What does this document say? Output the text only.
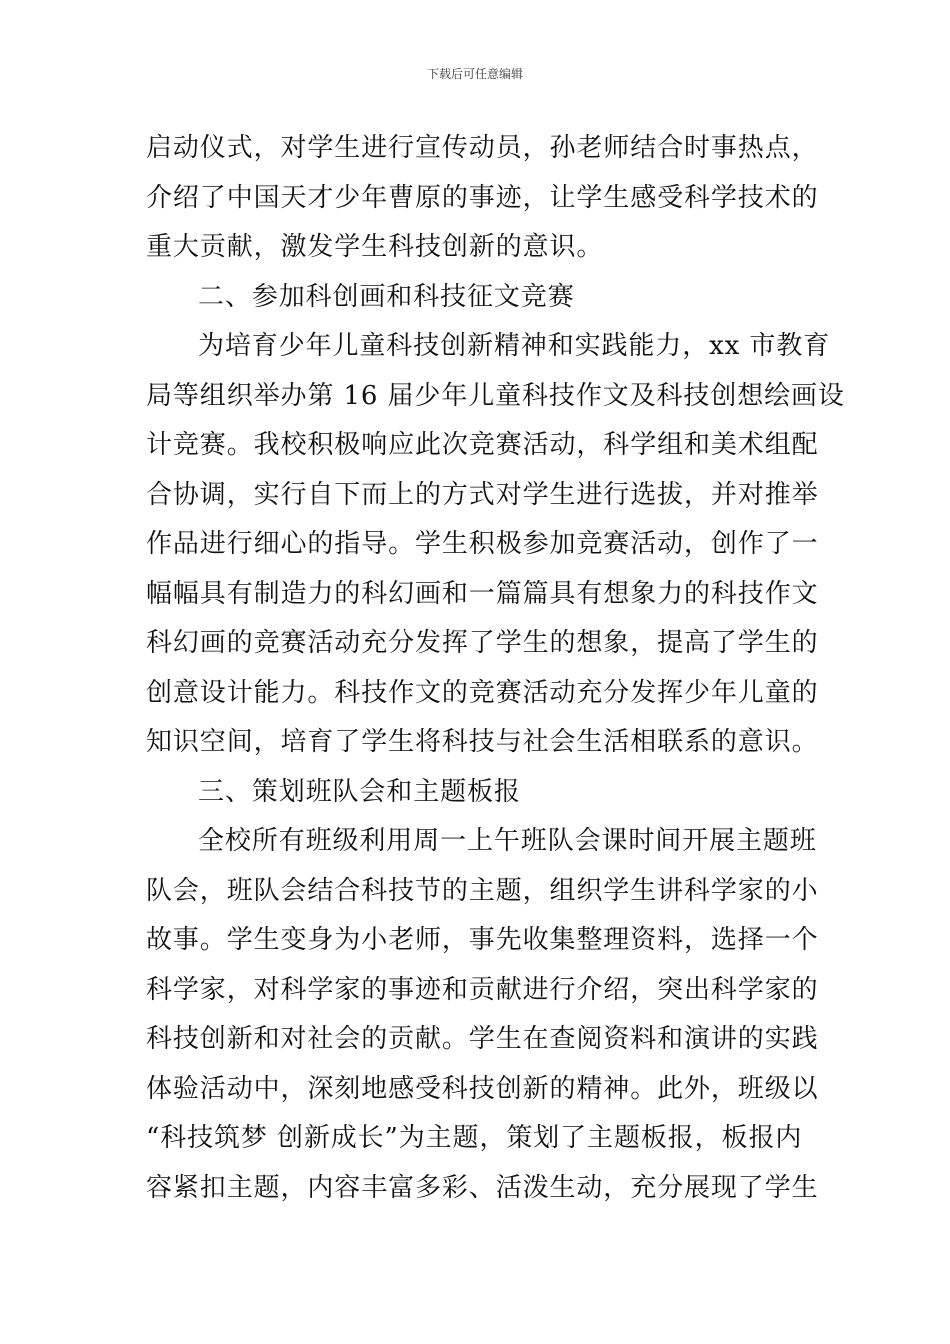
下载后可任意编辑
启动仪式，对学生进行宣传动员，孙老师结合时事热点，
介绍了中国天才少年曹原的事迹，让学生感受科学技术的
重大贡献，激发学生科技创新的意识。
二、参加科创画和科技征文竞赛
为培育少年儿童科技创新精神和实践能力，xx 市教育
局等组织举办第 16 届少年儿童科技作文及科技创想绘画设
计竞赛。我校积极响应此次竞赛活动，科学组和美术组配
合协调，实行自下而上的方式对学生进行选拔，并对推举
作品进行细心的指导。学生积极参加竞赛活动，创作了一
幅幅具有制造力的科幻画和一篇篇具有想象力的科技作文
科幻画的竞赛活动充分发挥了学生的想象，提高了学生的
创意设计能力。科技作文的竞赛活动充分发挥少年儿童的
知识空间，培育了学生将科技与社会生活相联系的意识。
三、策划班队会和主题板报
全校所有班级利用周一上午班队会课时间开展主题班
队会，班队会结合科技节的主题，组织学生讲科学家的小
故事。学生变身为小老师，事先收集整理资料，选择一个
科学家，对科学家的事迹和贡献进行介绍，突出科学家的
科技创新和对社会的贡献。学生在查阅资料和演讲的实践
体验活动中，深刻地感受科技创新的精神。此外，班级以
“科技筑梦 创新成长”为主题，策划了主题板报，板报内
容紧扣主题，内容丰富多彩、活泼生动，充分展现了学生
